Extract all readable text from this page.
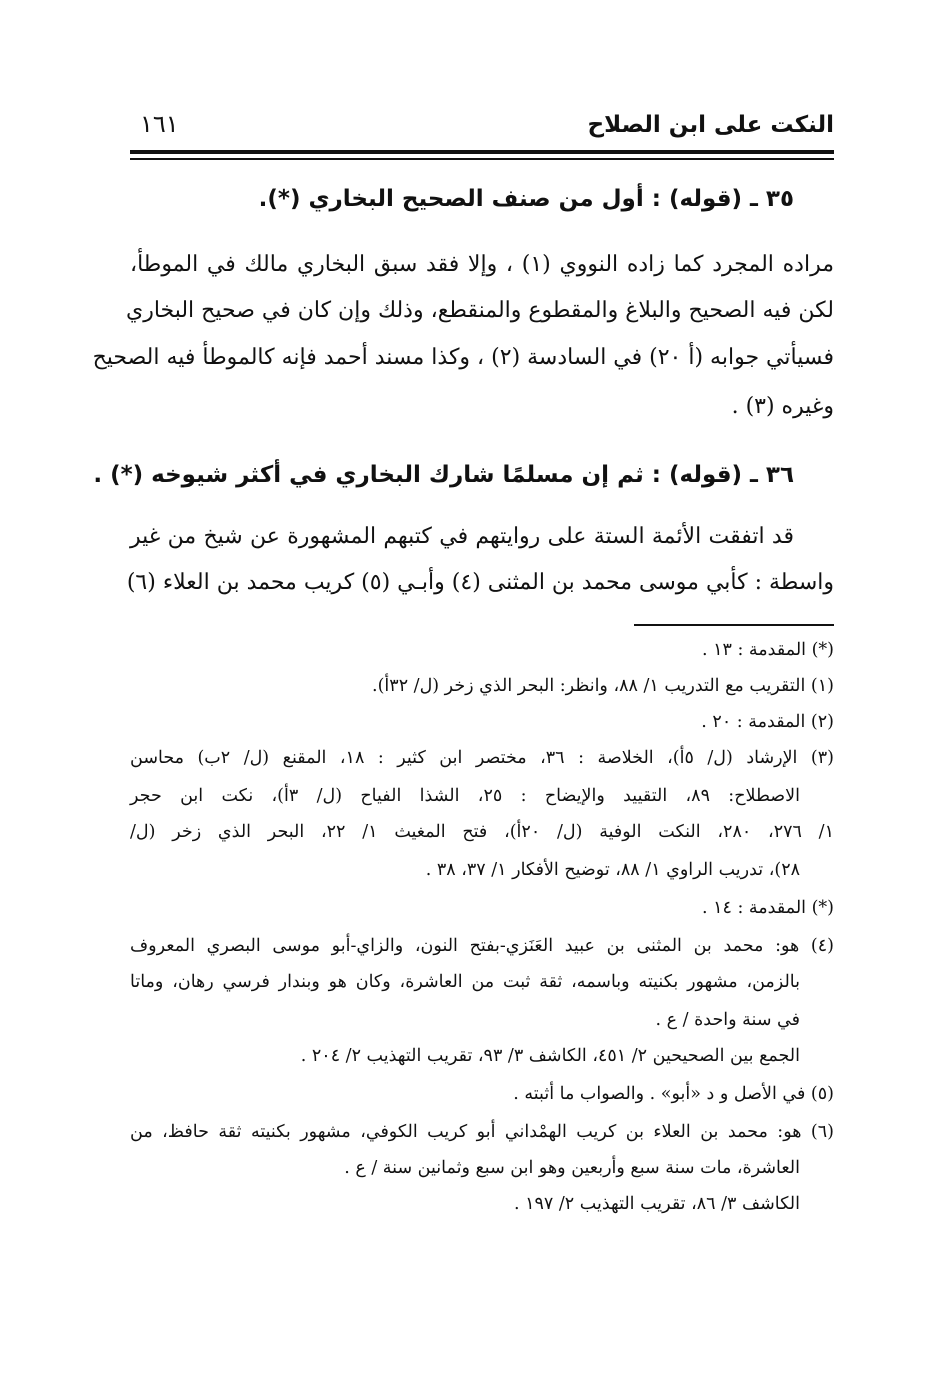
النكت على ابن الصلاح
١٦١
٣٥ ـ (قوله) : أول من صنف الصحيح البخاري (*).
مراده المجرد كما زاده النووي (١) ، وإلا فقد سبق البخاري مالك في الموطأ،
لكن فيه الصحيح والبلاغ والمقطوع والمنقطع، وذلك وإن كان في صحيح البخاري
فسيأتي جوابه (أ ٢٠) في السادسة (٢) ، وكذا مسند أحمد فإنه كالموطأ فيه الصحيح
وغيره (٣) .
٣٦ ـ (قوله) : ثم إن مسلمًا شارك البخاري في أكثر شيوخه (*) .
قد اتفقت الأئمة الستة على روايتهم في كتبهم المشهورة عن شيخ من غير
واسطة : كأبي موسى محمد بن المثنى (٤) وأبـي (٥) كريب محمد بن العلاء (٦)
(*) المقدمة : ١٣ .
(١) التقريب مع التدريب ١/ ٨٨، وانظر: البحر الذي زخر (ل/ ٣٢أ).
(٢) المقدمة : ٢٠ .
(٣) الإرشاد (ل/ ٥أ)، الخلاصة : ٣٦، مختصر ابن كثير : ١٨، المقنع (ل/ ٢ب) محاسن
الاصطلاح: ٨٩، التقييد والإيضاح : ٢٥، الشذا الفياح (ل/ ٣أ)، نكت ابن حجر
١/ ٢٧٦، ٢٨٠، النكت الوفية (ل/ ٢٠أ)، فتح المغيث ١/ ٢٢، البحر الذي زخر (ل/
٢٨)، تدريب الراوي ١/ ٨٨، توضيح الأفكار ١/ ٣٧، ٣٨ .
(*) المقدمة : ١٤ .
(٤) هو: محمد بن المثنى بن عبيد العَنَزي-بفتح النون، والزاي-أبو موسى البصري المعروف
بالزمن، مشهور بكنيته وباسمه، ثقة ثبت من العاشرة، وكان هو وبندار فرسي رهان، وماتا
في سنة واحدة / ع .
الجمع بين الصحيحين ٢/ ٤٥١، الكاشف ٣/ ٩٣، تقريب التهذيب ٢/ ٢٠٤ .
(٥) في الأصل و د «أبو» . والصواب ما أثبته .
(٦) هو: محمد بن العلاء بن كريب الهمْداني أبو كريب الكوفي، مشهور بكنيته ثقة حافظ، من
العاشرة، مات سنة سبع وأربعين وهو ابن سبع وثمانين سنة / ع .
الكاشف ٣/ ٨٦، تقريب التهذيب ٢/ ١٩٧ .
